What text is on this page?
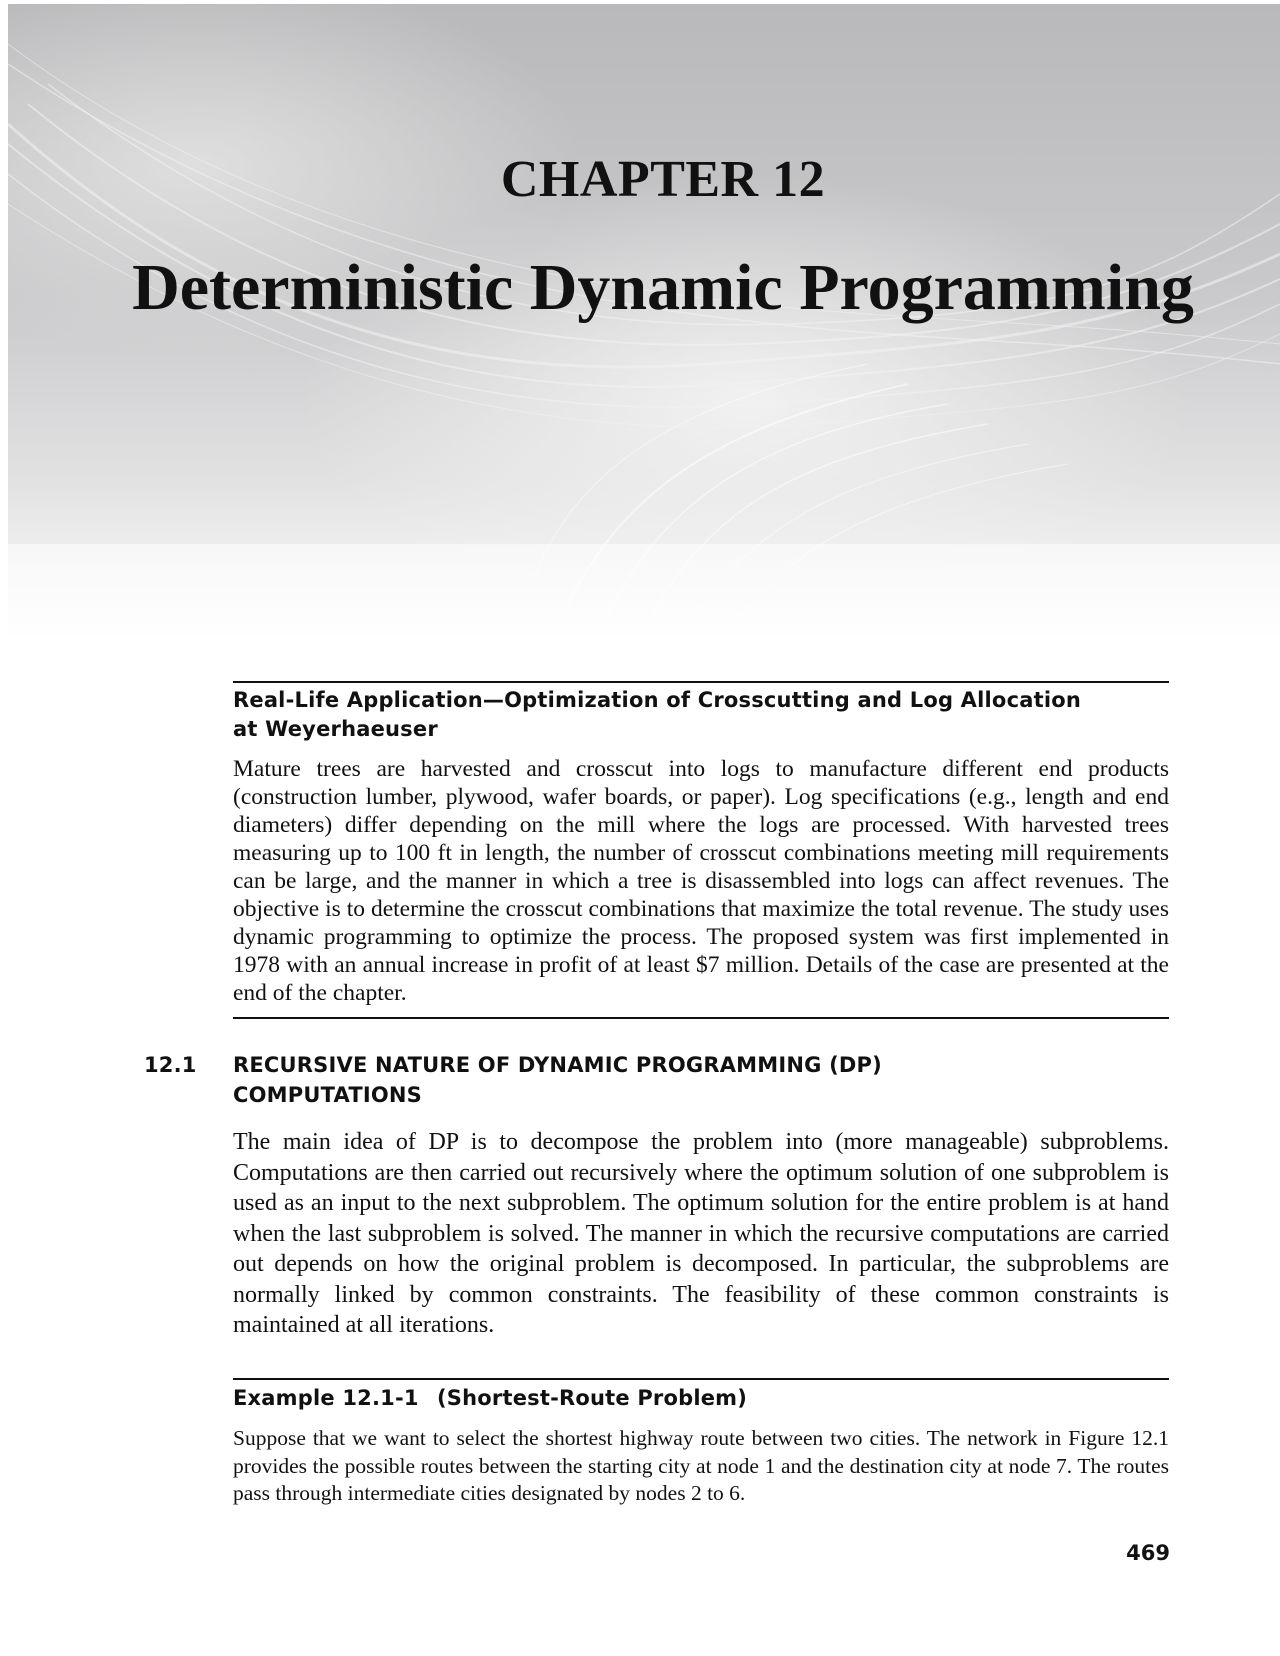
CHAPTER 12
Deterministic Dynamic Programming
Real-Life Application—Optimization of Crosscutting and Log Allocation
at Weyerhaeuser
Mature trees are harvested and crosscut into logs to manufacture different end products (construction lumber, plywood, wafer boards, or paper). Log specifications (e.g., length and end diameters) differ depending on the mill where the logs are processed. With harvested trees measuring up to 100 ft in length, the number of crosscut combinations meeting mill requirements can be large, and the manner in which a tree is disassembled into logs can affect revenues. The objective is to determine the crosscut combinations that maximize the total revenue. The study uses dynamic programming to optimize the process. The proposed system was first implemented in 1978 with an annual increase in profit of at least $7 million. Details of the case are presented at the end of the chapter.
12.1 RECURSIVE NATURE OF DYNAMIC PROGRAMMING (DP)
COMPUTATIONS
The main idea of DP is to decompose the problem into (more manageable) subproblems. Computations are then carried out recursively where the optimum solution of one subproblem is used as an input to the next subproblem. The optimum solution for the entire problem is at hand when the last subproblem is solved. The manner in which the recursive computations are carried out depends on how the original problem is decomposed. In particular, the subproblems are normally linked by common constraints. The feasibility of these common constraints is maintained at all iterations.
Example 12.1-1 (Shortest-Route Problem)
Suppose that we want to select the shortest highway route between two cities. The network in Figure 12.1 provides the possible routes between the starting city at node 1 and the destination city at node 7. The routes pass through intermediate cities designated by nodes 2 to 6.
469
